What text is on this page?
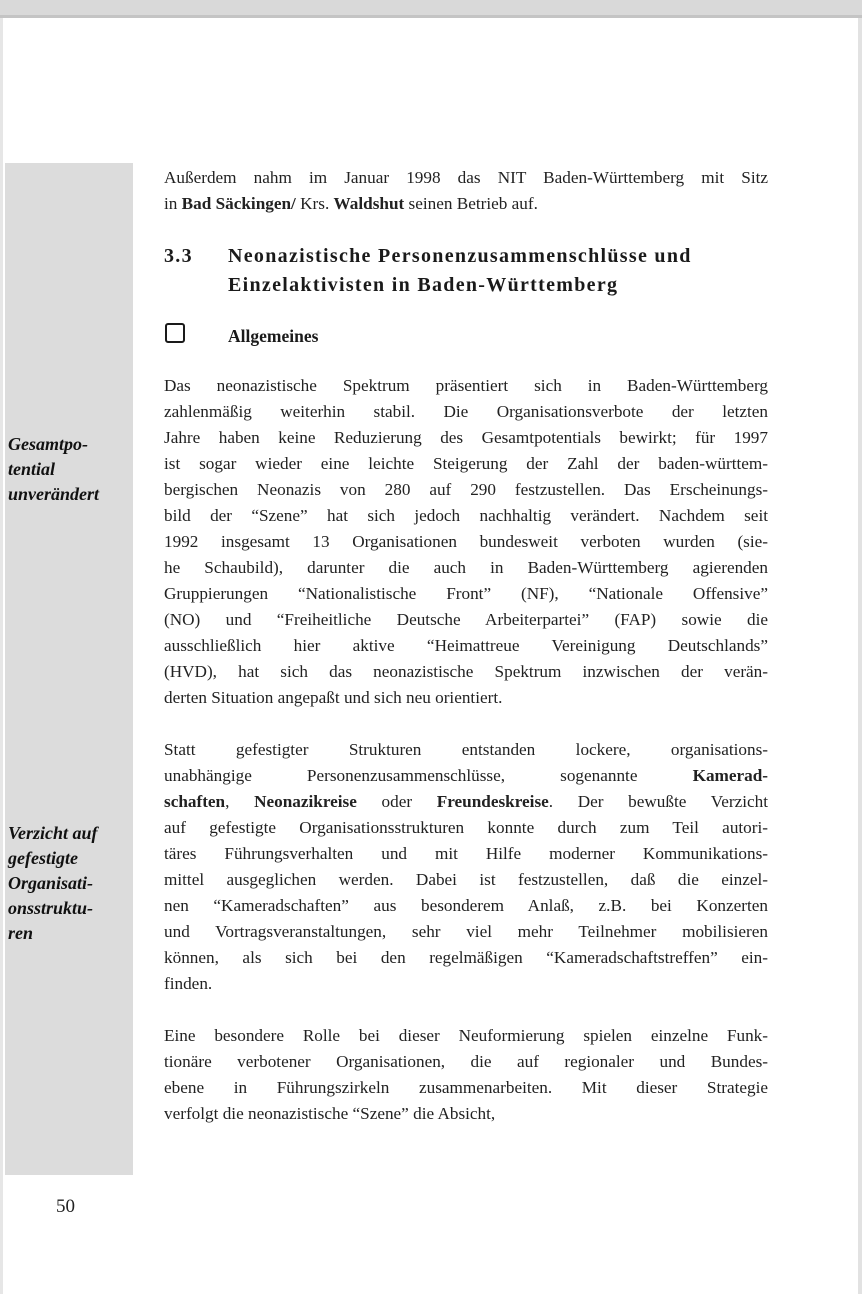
Gesamtpo-
tential
unverändert
Verzicht auf
gefestigte
Organisati-
onsstruktu-
ren
Außerdem nahm im Januar 1998 das NIT Baden-Württemberg mit Sitz
in Bad Säckingen/ Krs. Waldshut seinen Betrieb auf.
3.3 Neonazistische Personenzusammenschlüsse und
Einzelaktivisten in Baden-Württemberg
Allgemeines
Das neonazistische Spektrum präsentiert sich in Baden-Württemberg
zahlenmäßig weiterhin stabil. Die Organisationsverbote der letzten
Jahre haben keine Reduzierung des Gesamtpotentials bewirkt; für 1997
ist sogar wieder eine leichte Steigerung der Zahl der baden-württem-
bergischen Neonazis von 280 auf 290 festzustellen. Das Erscheinungs-
bild der “Szene” hat sich jedoch nachhaltig verändert. Nachdem seit
1992 insgesamt 13 Organisationen bundesweit verboten wurden (sie-
he Schaubild), darunter die auch in Baden-Württemberg agierenden
Gruppierungen “Nationalistische Front” (NF), “Nationale Offensive”
(NO) und “Freiheitliche Deutsche Arbeiterpartei” (FAP) sowie die
ausschließlich hier aktive “Heimattreue Vereinigung Deutschlands”
(HVD), hat sich das neonazistische Spektrum inzwischen der verän-
derten Situation angepaßt und sich neu orientiert.
Statt gefestigter Strukturen entstanden lockere, organisations-
unabhängige Personenzusammenschlüsse, sogenannte Kamerad-
schaften, Neonazikreise oder Freundeskreise. Der bewußte Verzicht
auf gefestigte Organisationsstrukturen konnte durch zum Teil autori-
täres Führungsverhalten und mit Hilfe moderner Kommunikations-
mittel ausgeglichen werden. Dabei ist festzustellen, daß die einzel-
nen “Kameradschaften” aus besonderem Anlaß, z.B. bei Konzerten
und Vortragsveranstaltungen, sehr viel mehr Teilnehmer mobilisieren
können, als sich bei den regelmäßigen “Kameradschaftstreffen” ein-
finden.
Eine besondere Rolle bei dieser Neuformierung spielen einzelne Funk-
tionäre verbotener Organisationen, die auf regionaler und Bundes-
ebene in Führungszirkeln zusammenarbeiten. Mit dieser Strategie
verfolgt die neonazistische “Szene” die Absicht,
50
